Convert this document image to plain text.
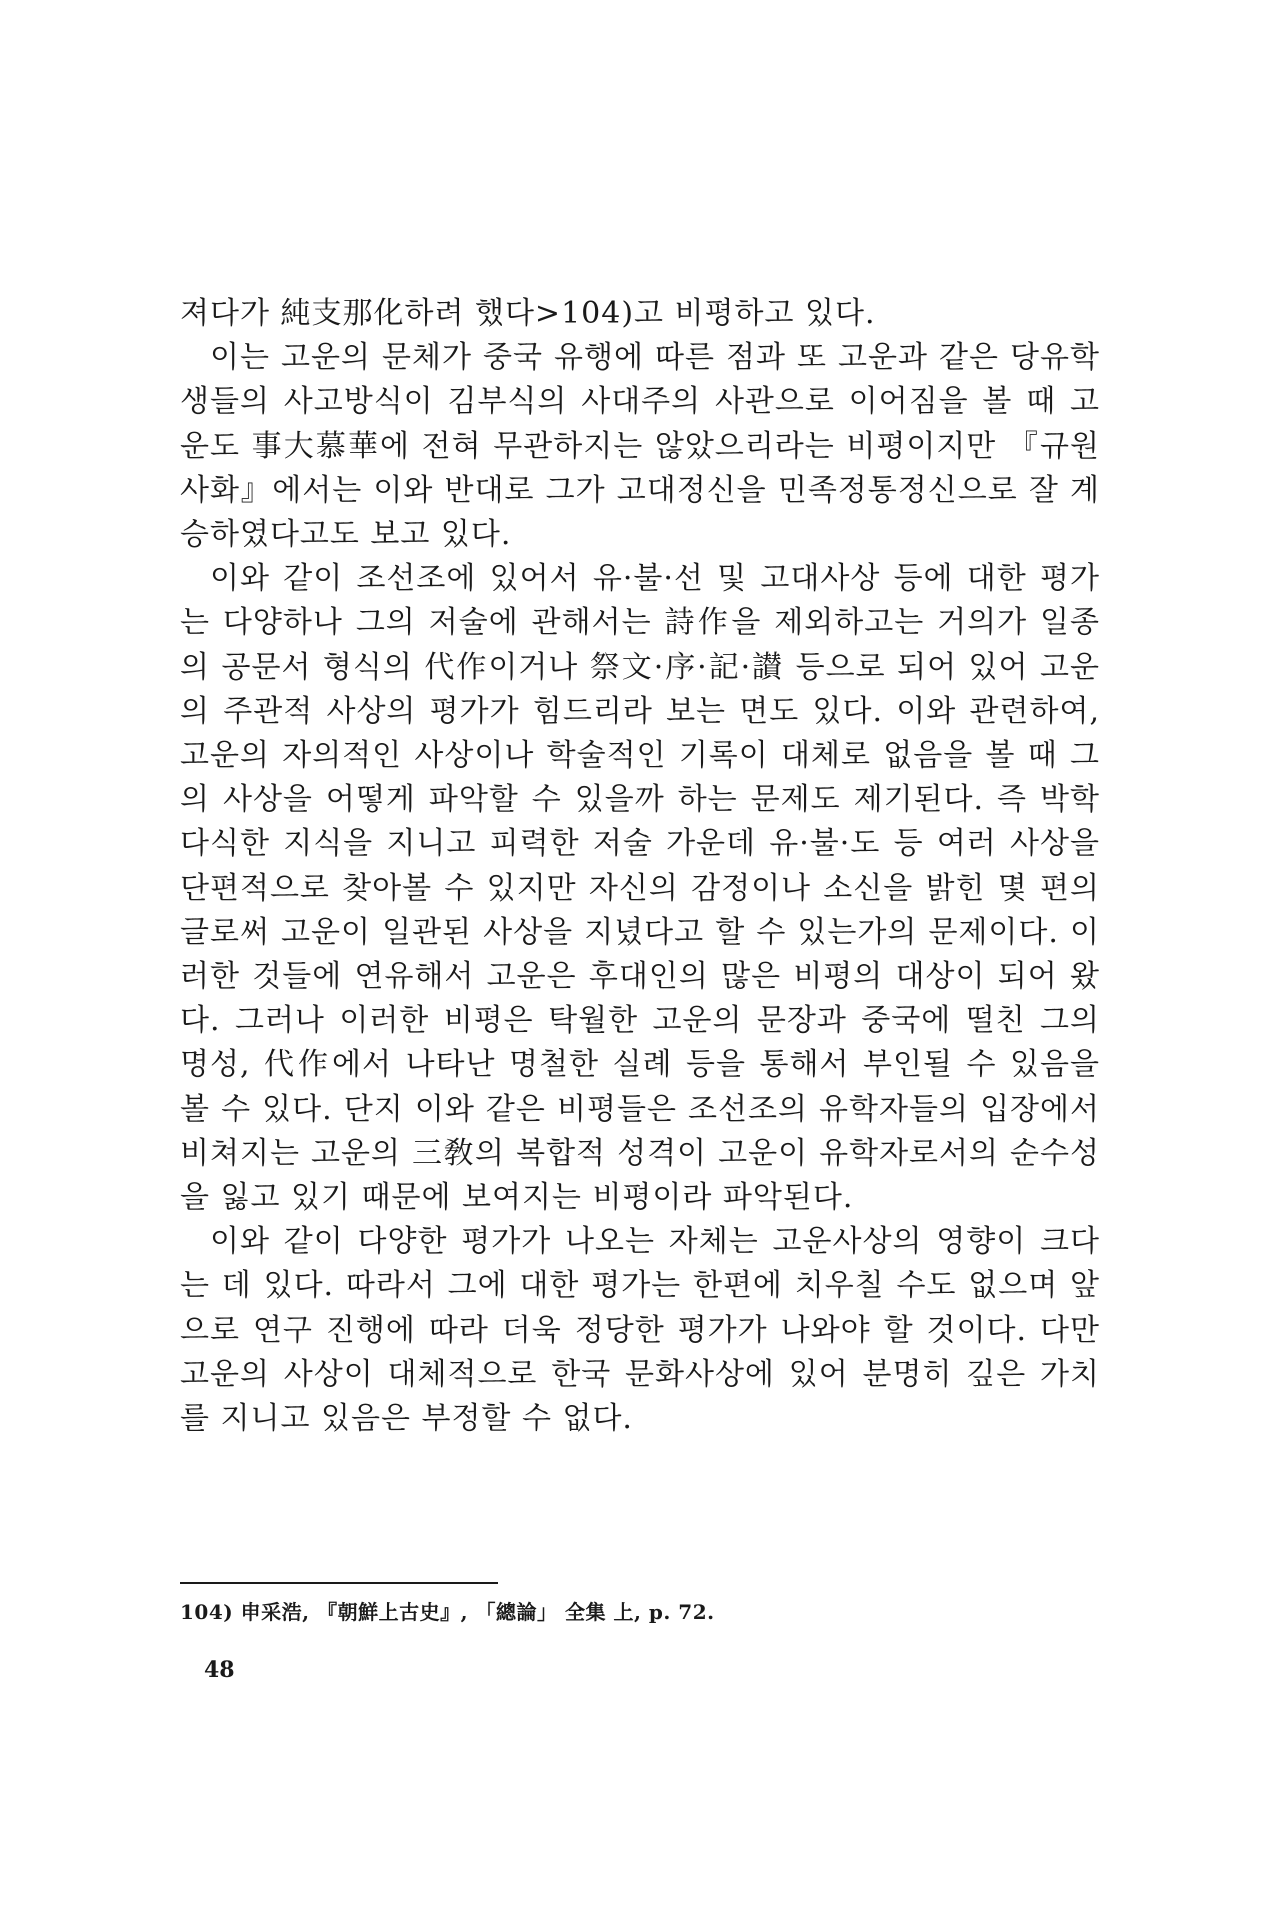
져다가 純支那化하려 했다>104)고 비평하고 있다.

이는 고운의 문체가 중국 유행에 따른 점과 또 고운과 같은 당유학생들의 사고방식이 김부식의 사대주의 사관으로 이어짐을 볼 때 고운도 事大慕華에 전혀 무관하지는 않았으리라는 비평이지만 『규원사화』에서는 이와 반대로 그가 고대정신을 민족정통정신으로 잘 계승하였다고도 보고 있다.

이와 같이 조선조에 있어서 유·불·선 및 고대사상 등에 대한 평가는 다양하나 그의 저술에 관해서는 詩作을 제외하고는 거의가 일종의 공문서 형식의 代作이거나 祭文·序·記·讃 등으로 되어 있어 고운의 주관적 사상의 평가가 힘드리라 보는 면도 있다. 이와 관련하여, 고운의 자의적인 사상이나 학술적인 기록이 대체로 없음을 볼 때 그의 사상을 어떻게 파악할 수 있을까 하는 문제도 제기된다. 즉 박학다식한 지식을 지니고 피력한 저술 가운데 유·불·도 등 여러 사상을 단편적으로 찾아볼 수 있지만 자신의 감정이나 소신을 밝힌 몇 편의 글로써 고운이 일관된 사상을 지녔다고 할 수 있는가의 문제이다. 이러한 것들에 연유해서 고운은 후대인의 많은 비평의 대상이 되어 왔다. 그러나 이러한 비평은 탁월한 고운의 문장과 중국에 떨친 그의 명성, 代作에서 나타난 명철한 실례 등을 통해서 부인될 수 있음을 볼 수 있다. 단지 이와 같은 비평들은 조선조의 유학자들의 입장에서 비쳐지는 고운의 三敎의 복합적 성격이 고운이 유학자로서의 순수성을 잃고 있기 때문에 보여지는 비평이라 파악된다.

이와 같이 다양한 평가가 나오는 자체는 고운사상의 영향이 크다는 데 있다. 따라서 그에 대한 평가는 한편에 치우칠 수도 없으며 앞으로 연구 진행에 따라 더욱 정당한 평가가 나와야 할 것이다. 다만 고운의 사상이 대체적으로 한국 문화사상에 있어 분명히 깊은 가치를 지니고 있음은 부정할 수 없다.

104) 申采浩, 『朝鮮上古史』, 「總論」 全集 上, p. 72.
48
